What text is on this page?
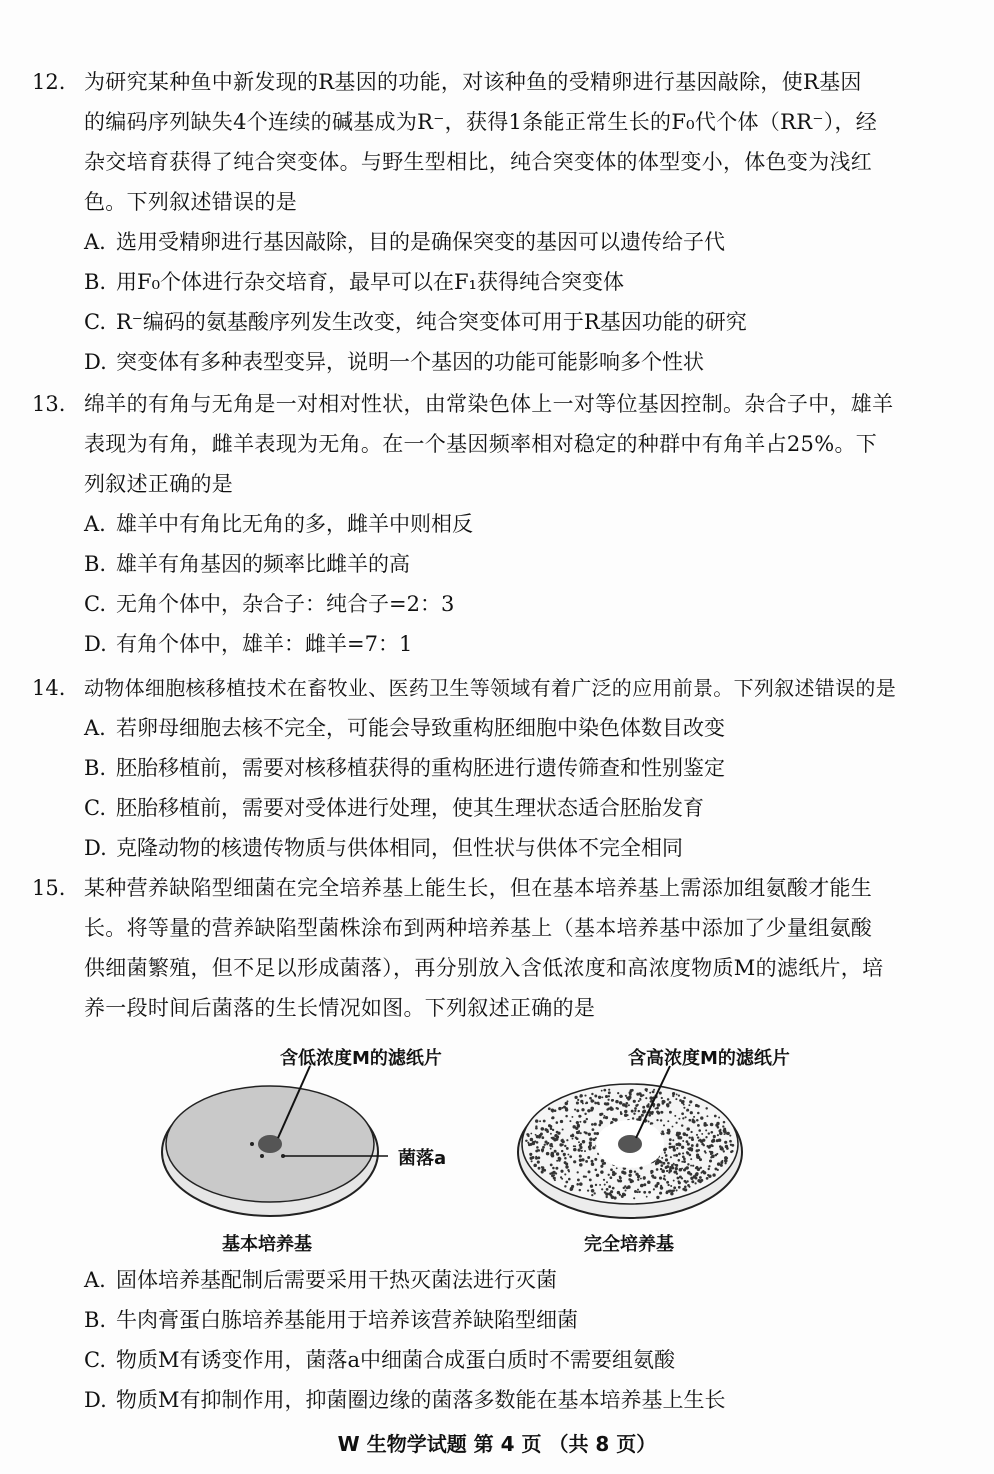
12. 为研究某种鱼中新发现的R基因的功能，对该种鱼的受精卵进行基因敲除，使R基因
的编码序列缺失4个连续的碱基成为R⁻，获得1条能正常生长的F₀代个体（RR⁻），经
杂交培育获得了纯合突变体。与野生型相比，纯合突变体的体型变小，体色变为浅红
色。下列叙述错误的是
A. 选用受精卵进行基因敲除，目的是确保突变的基因可以遗传给子代
B. 用F₀个体进行杂交培育，最早可以在F₁获得纯合突变体
C. R⁻编码的氨基酸序列发生改变，纯合突变体可用于R基因功能的研究
D. 突变体有多种表型变异，说明一个基因的功能可能影响多个性状
13. 绵羊的有角与无角是一对相对性状，由常染色体上一对等位基因控制。杂合子中，雄羊
表现为有角，雌羊表现为无角。在一个基因频率相对稳定的种群中有角羊占25%。下
列叙述正确的是
A. 雄羊中有角比无角的多，雌羊中则相反
B. 雄羊有角基因的频率比雌羊的高
C. 无角个体中，杂合子：纯合子=2：3
D. 有角个体中，雄羊：雌羊=7：1
14. 动物体细胞核移植技术在畜牧业、医药卫生等领域有着广泛的应用前景。下列叙述错误的是
A. 若卵母细胞去核不完全，可能会导致重构胚细胞中染色体数目改变
B. 胚胎移植前，需要对核移植获得的重构胚进行遗传筛查和性别鉴定
C. 胚胎移植前，需要对受体进行处理，使其生理状态适合胚胎发育
D. 克隆动物的核遗传物质与供体相同，但性状与供体不完全相同
15. 某种营养缺陷型细菌在完全培养基上能生长，但在基本培养基上需添加组氨酸才能生
长。将等量的营养缺陷型菌株涂布到两种培养基上（基本培养基中添加了少量组氨酸
供细菌繁殖，但不足以形成菌落），再分别放入含低浓度和高浓度物质M的滤纸片，培
养一段时间后菌落的生长情况如图。下列叙述正确的是
含低浓度M的滤纸片	含高浓度M的滤纸片
菌落a
基本培养基	完全培养基
A. 固体培养基配制后需要采用干热灭菌法进行灭菌
B. 牛肉膏蛋白胨培养基能用于培养该营养缺陷型细菌
C. 物质M有诱变作用，菌落a中细菌合成蛋白质时不需要组氨酸
D. 物质M有抑制作用，抑菌圈边缘的菌落多数能在基本培养基上生长
W 生物学试题 第 4 页 （共 8 页）
